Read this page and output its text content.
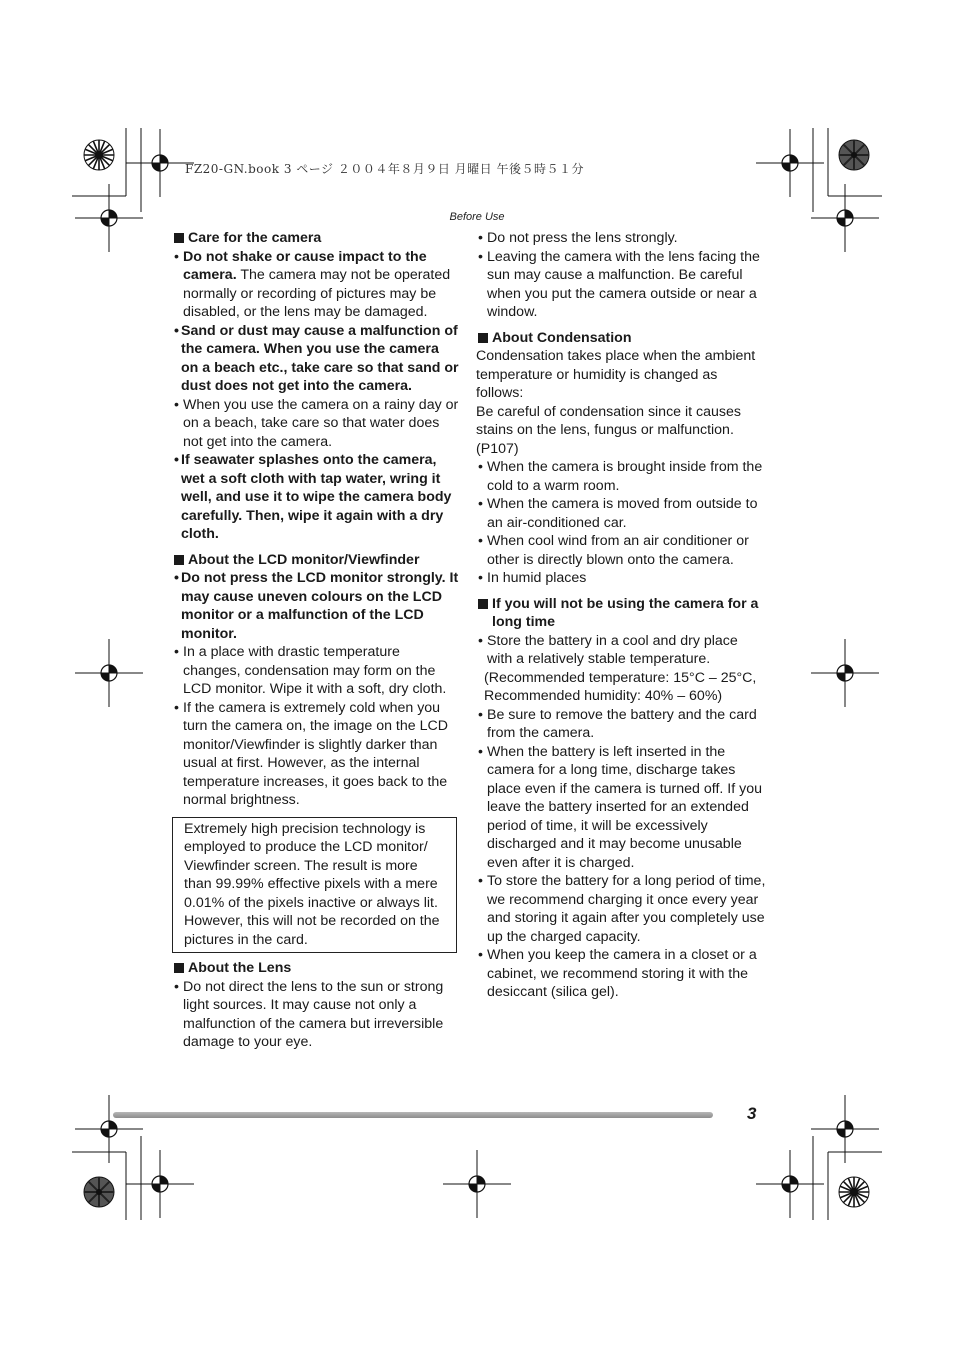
FZ20-GN.book 3 ページ ２００４年８月９日 月曜日 午後５時５１分
Before Use
Care for the camera
• Do not shake or cause impact to the camera. The camera may not be operated normally or recording of pictures may be disabled, or the lens may be damaged.
• Sand or dust may cause a malfunction of the camera. When you use the camera on a beach etc., take care so that sand or dust does not get into the camera.
• When you use the camera on a rainy day or on a beach, take care so that water does not get into the camera.
• If seawater splashes onto the camera, wet a soft cloth with tap water, wring it well, and use it to wipe the camera body carefully. Then, wipe it again with a dry cloth.
About the LCD monitor/Viewfinder
• Do not press the LCD monitor strongly. It may cause uneven colours on the LCD monitor or a malfunction of the LCD monitor.
• In a place with drastic temperature changes, condensation may form on the LCD monitor. Wipe it with a soft, dry cloth.
• If the camera is extremely cold when you turn the camera on, the image on the LCD monitor/Viewfinder is slightly darker than usual at first. However, as the internal temperature increases, it goes back to the normal brightness.
Extremely high precision technology is employed to produce the LCD monitor/ Viewfinder screen. The result is more than 99.99% effective pixels with a mere 0.01% of the pixels inactive or always lit. However, this will not be recorded on the pictures in the card.
About the Lens
• Do not direct the lens to the sun or strong light sources. It may cause not only a malfunction of the camera but irreversible damage to your eye.
• Do not press the lens strongly.
• Leaving the camera with the lens facing the sun may cause a malfunction. Be careful when you put the camera outside or near a window.
About Condensation
Condensation takes place when the ambient temperature or humidity is changed as follows:
Be careful of condensation since it causes stains on the lens, fungus or malfunction. (P107)
• When the camera is brought inside from the cold to a warm room.
• When the camera is moved from outside to an air-conditioned car.
• When cool wind from an air conditioner or other is directly blown onto the camera.
• In humid places
If you will not be using the camera for a long time
• Store the battery in a cool and dry place with a relatively stable temperature.
(Recommended temperature: 15°C – 25°C, Recommended humidity: 40% – 60%)
• Be sure to remove the battery and the card from the camera.
• When the battery is left inserted in the camera for a long time, discharge takes place even if the camera is turned off. If you leave the battery inserted for an extended period of time, it will be excessively discharged and it may become unusable even after it is charged.
• To store the battery for a long period of time, we recommend charging it once every year and storing it again after you completely use up the charged capacity.
• When you keep the camera in a closet or a cabinet, we recommend storing it with the desiccant (silica gel).
3
